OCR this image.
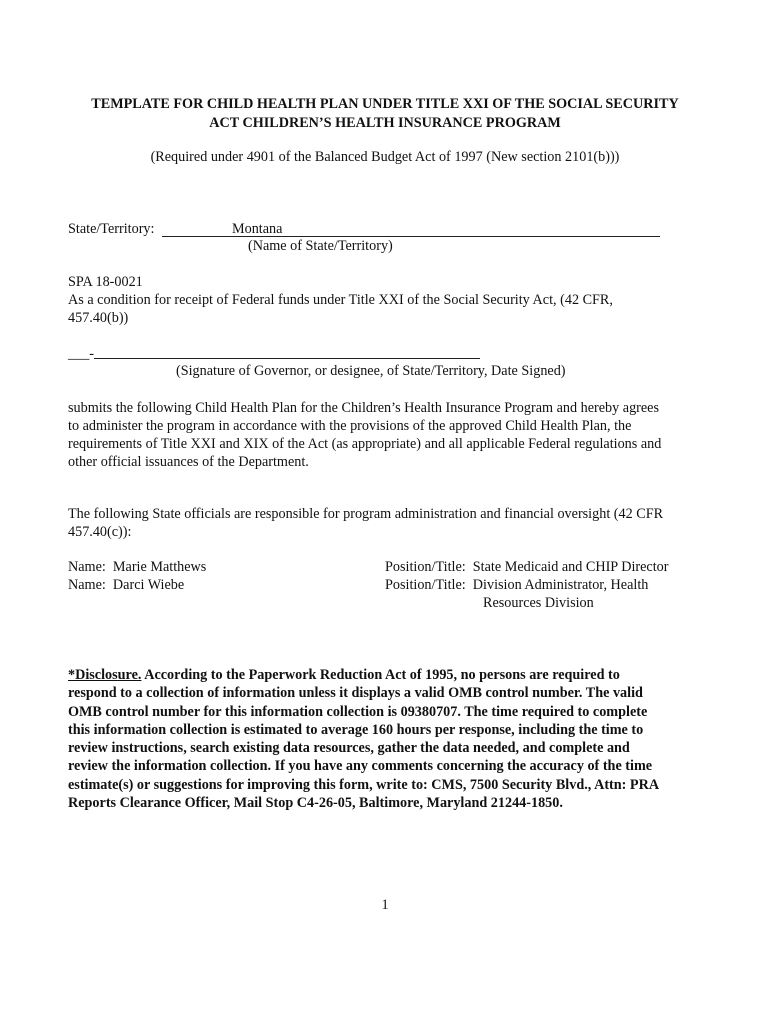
TEMPLATE FOR CHILD HEALTH PLAN UNDER TITLE XXI OF THE SOCIAL SECURITY
ACT CHILDREN’S HEALTH INSURANCE PROGRAM
(Required under 4901 of the Balanced Budget Act of 1997 (New section 2101(b)))
State/Territory:	Montana
(Name of State/Territory)
SPA 18-0021
As a condition for receipt of Federal funds under Title XXI of the Social Security Act, (42 CFR,
457.40(b))
___-
(Signature of Governor, or designee, of State/Territory, Date Signed)
submits the following Child Health Plan for the Children’s Health Insurance Program and hereby agrees
to administer the program in accordance with the provisions of the approved Child Health Plan, the
requirements of Title XXI and XIX of the Act (as appropriate) and all applicable Federal regulations and
other official issuances of the Department.
The following State officials are responsible for program administration and financial oversight (42 CFR
457.40(c)):
Name: Marie Matthews	Position/Title: State Medicaid and CHIP Director
Name: Darci Wiebe	Position/Title: Division Administrator, Health
Resources Division
*Disclosure. According to the Paperwork Reduction Act of 1995, no persons are required to
respond to a collection of information unless it displays a valid OMB control number. The valid
OMB control number for this information collection is 09380707. The time required to complete
this information collection is estimated to average 160 hours per response, including the time to
review instructions, search existing data resources, gather the data needed, and complete and
review the information collection. If you have any comments concerning the accuracy of the time
estimate(s) or suggestions for improving this form, write to: CMS, 7500 Security Blvd., Attn: PRA
Reports Clearance Officer, Mail Stop C4-26-05, Baltimore, Maryland 21244-1850.
1
